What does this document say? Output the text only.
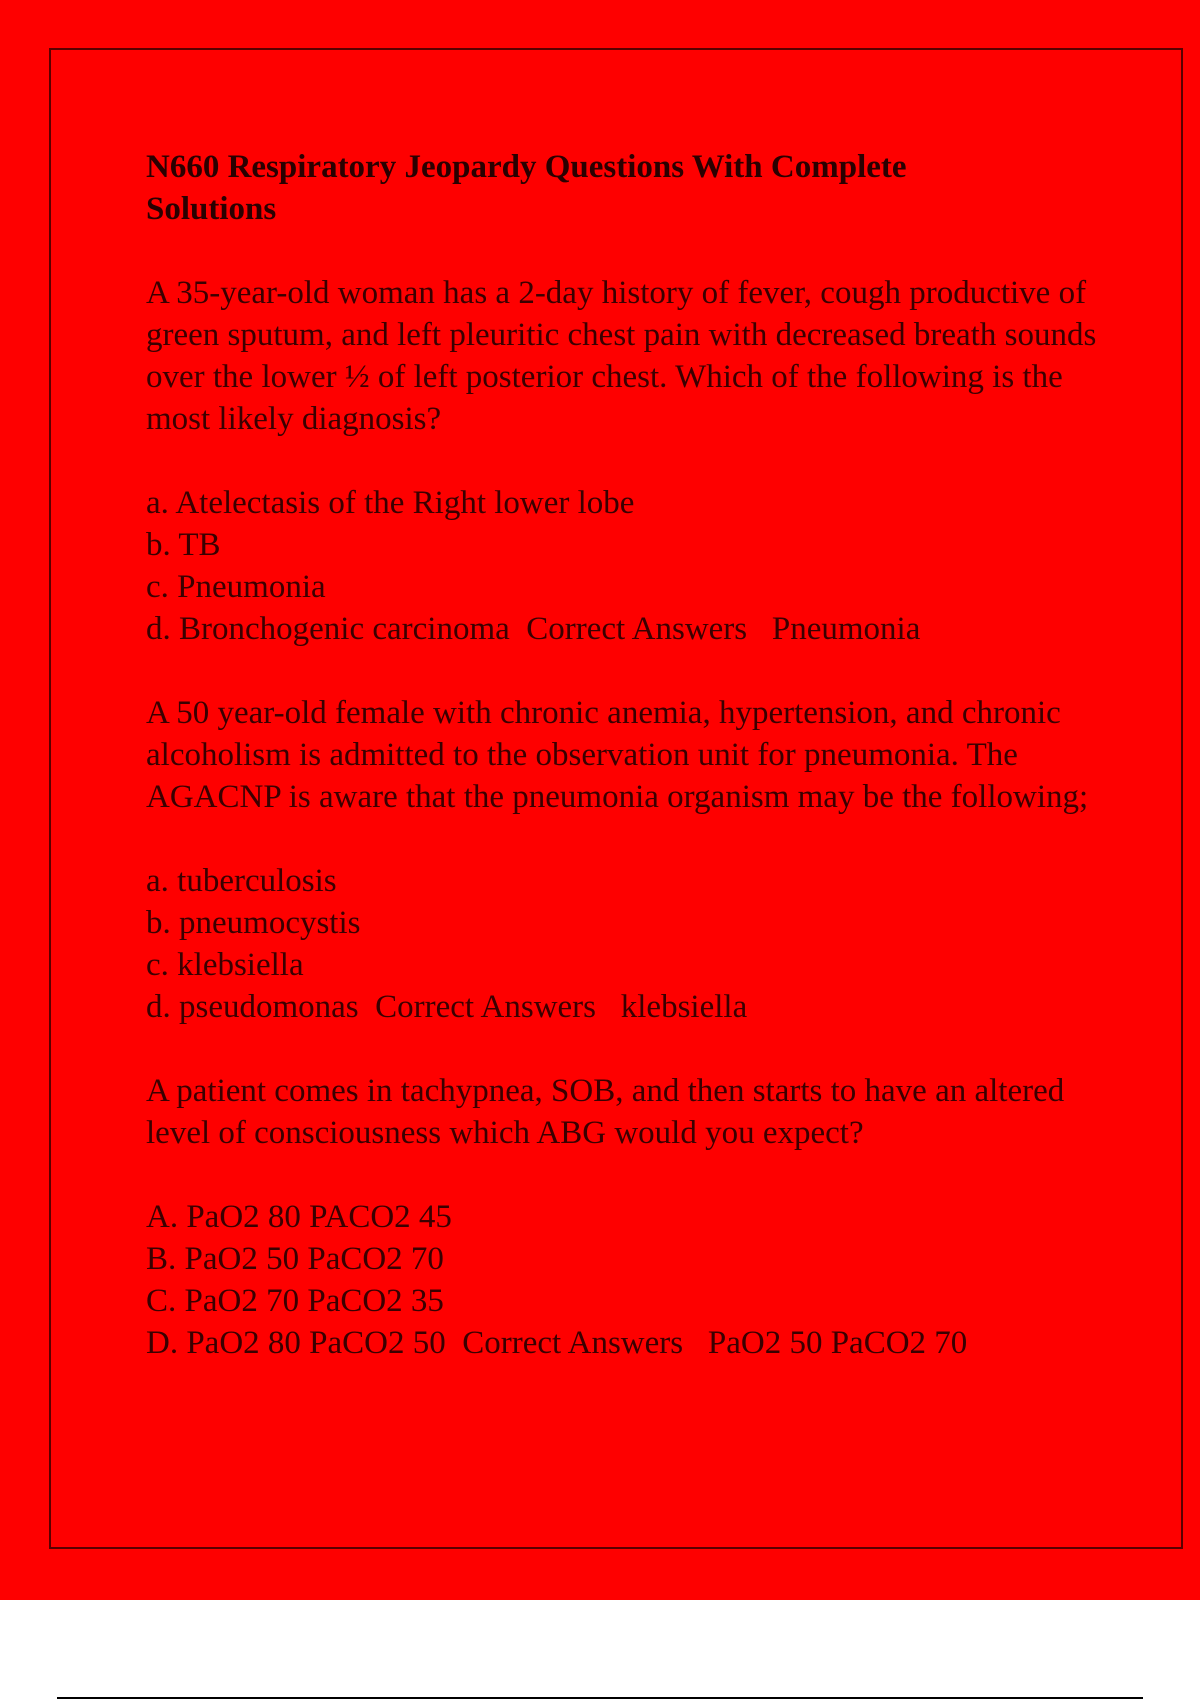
N660 Respiratory Jeopardy Questions With Complete Solutions

A 35-year-old woman has a 2-day history of fever, cough productive of green sputum, and left pleuritic chest pain with decreased breath sounds over the lower ½ of left posterior chest. Which of the following is the most likely diagnosis?

a. Atelectasis of the Right lower lobe
b. TB
c. Pneumonia
d. Bronchogenic carcinoma  Correct Answers   Pneumonia

A 50 year-old female with chronic anemia, hypertension, and chronic alcoholism is admitted to the observation unit for pneumonia. The AGACNP is aware that the pneumonia organism may be the following;

a. tuberculosis
b. pneumocystis
c. klebsiella
d. pseudomonas  Correct Answers   klebsiella

A patient comes in tachypnea, SOB, and then starts to have an altered level of consciousness which ABG would you expect?

A. PaO2 80 PACO2 45
B. PaO2 50 PaCO2 70
C. PaO2 70 PaCO2 35
D. PaO2 80 PaCO2 50  Correct Answers   PaO2 50 PaCO2 70
